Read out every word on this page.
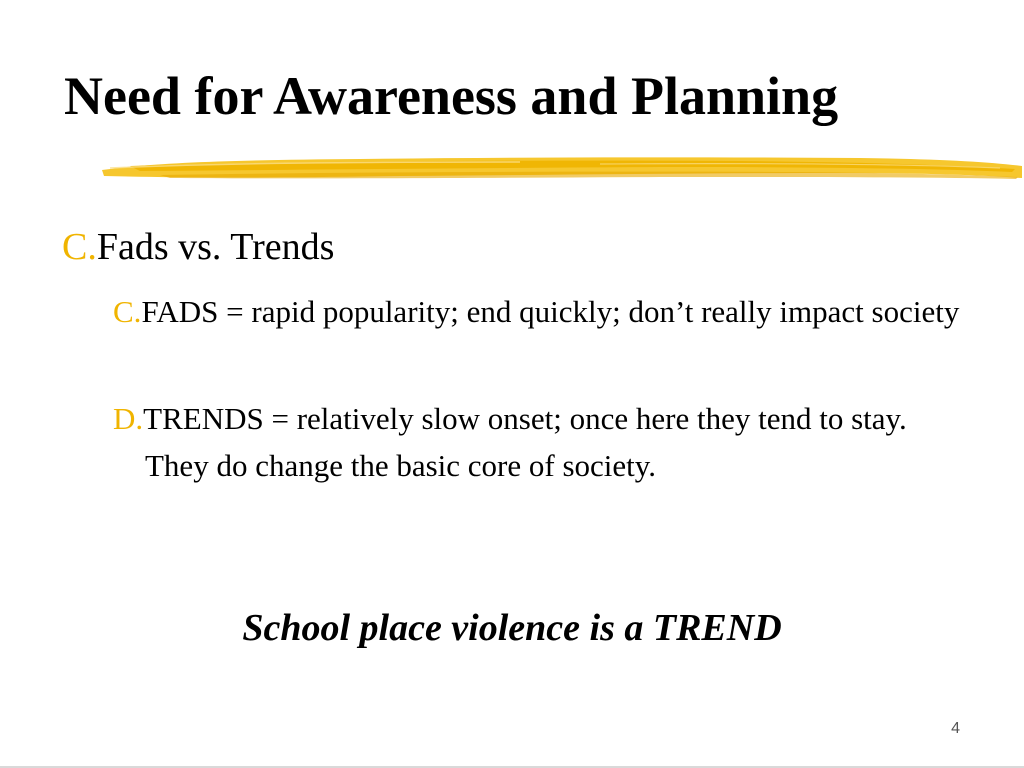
Need for Awareness and Planning
C.Fads vs. Trends
C.FADS = rapid popularity; end quickly; don’t really impact society
D.TRENDS = relatively slow onset; once here they tend to stay. They do change the basic core of society.

School place violence is a TREND

4
